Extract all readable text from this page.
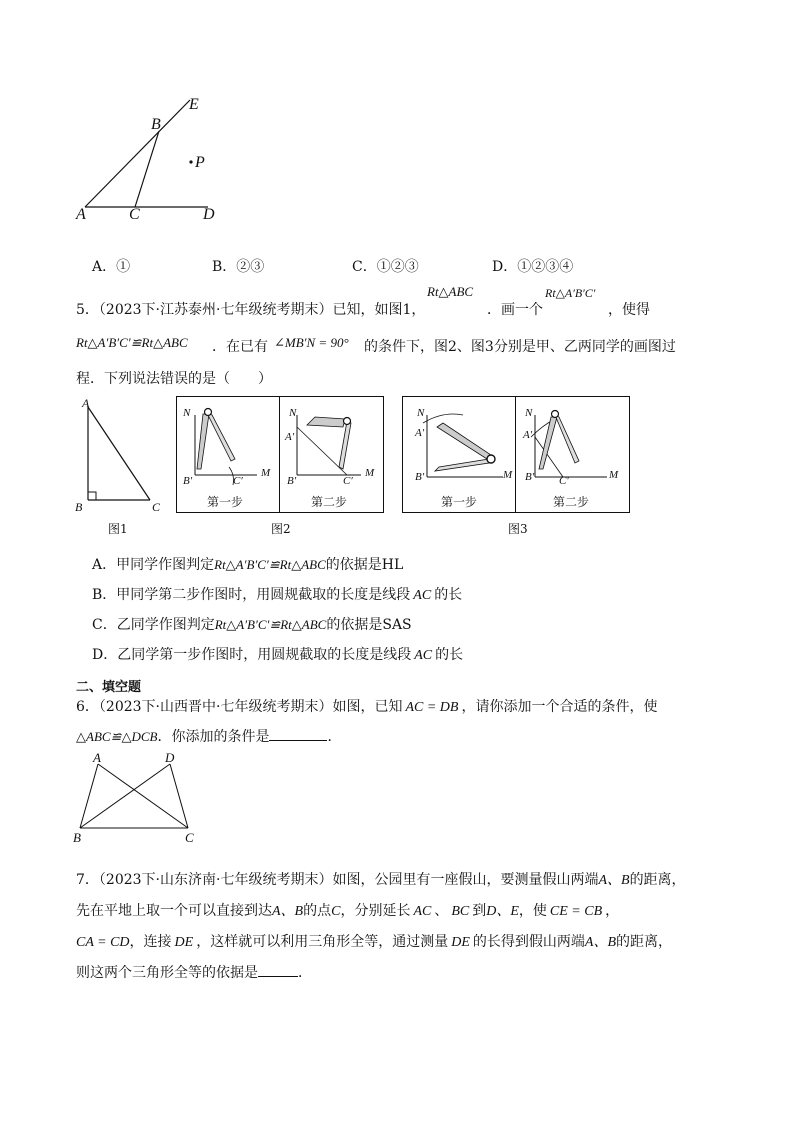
B
E
P
A	C	D
A．①	B．②③	C．①②③	D．①②③④
5．（2023下·江苏泰州·七年级统考期末）已知，如图1，
Rt△ABC
．画一个
Rt△A′B′C′
，使得
Rt△A′B′C′≌Rt△ABC ．在已有 ∠MB′N = 90° 的条件下，图2、图3分别是甲、乙两同学的画图过
程．下列说法错误的是（　　）
A
B	C
图1
N
B′	C′
M
N
A′
B′	C′
M
第一步	第二步
图2
N
A′
B′	M
N
A′
B′ C′	M
第一步	第二步
图3
A．甲同学作图判定Rt△A′B′C′≌Rt△ABC的依据是HL
B．甲同学第二步作图时，用圆规截取的长度是线段 AC 的长
C．乙同学作图判定Rt△A′B′C′≌Rt△ABC的依据是SAS
D．乙同学第一步作图时，用圆规截取的长度是线段 AC 的长
二、填空题
6．（2023下·山西晋中·七年级统考期末）如图，已知 AC = DB ，请你添加一个合适的条件，使
△ABC≌△DCB．你添加的条件是	．
A	D
B	C
7．（2023下·山东济南·七年级统考期末）如图，公园里有一座假山，要测量假山两端A、B的距离，
先在平地上取一个可以直接到达A、B的点C，分别延长 AC 、 BC 到D、E，使 CE = CB ，
CA = CD，连接 DE ，这样就可以利用三角形全等，通过测量 DE 的长得到假山两端A、B的距离，
则这两个三角形全等的依据是	．
